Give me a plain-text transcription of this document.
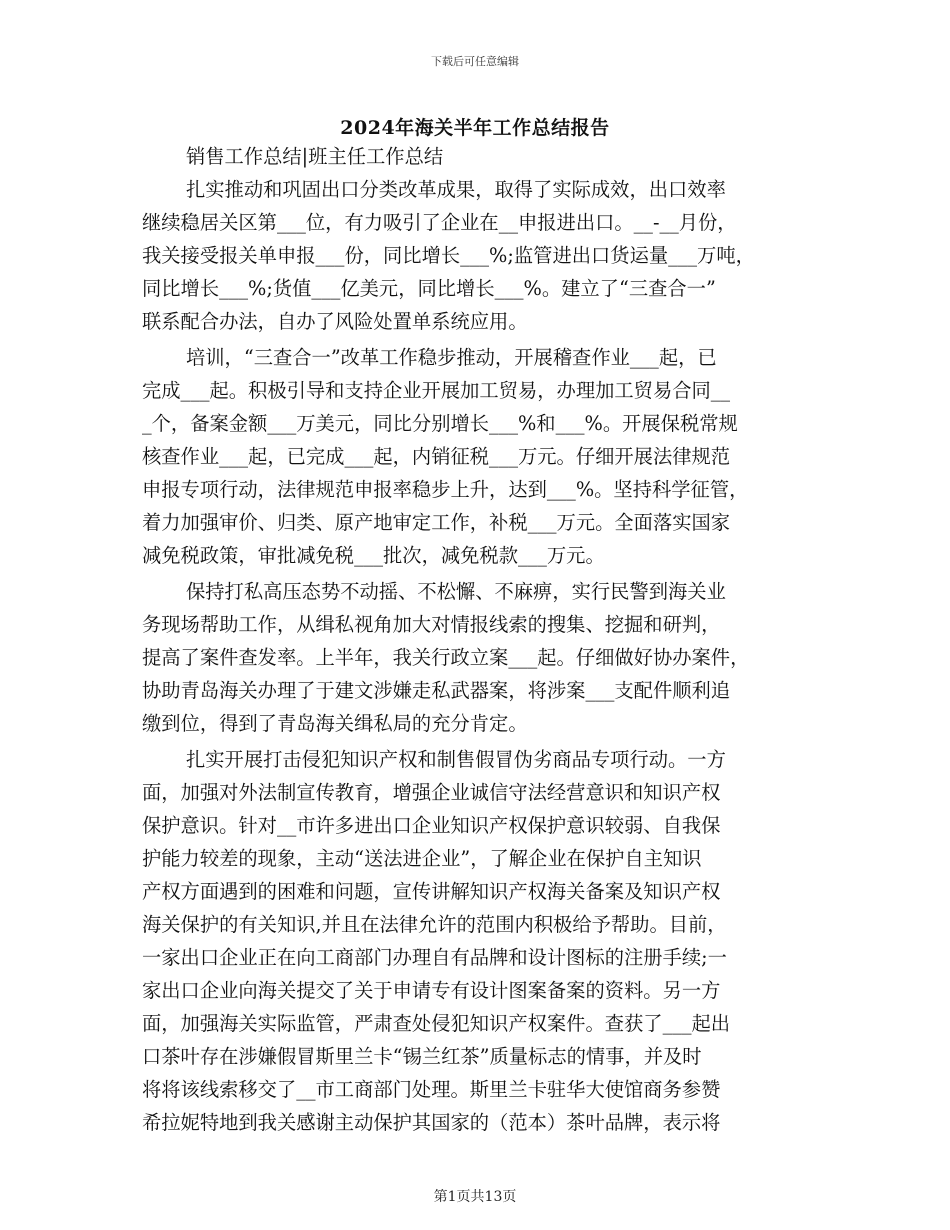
下载后可任意编辑
2024年海关半年工作总结报告
销售工作总结|班主任工作总结
扎实推动和巩固出口分类改革成果，取得了实际成效，出口效率
继续稳居关区第___位，有力吸引了企业在__申报进出口。__-__月份，
我关接受报关单申报___份，同比增长___%;监管进出口货运量___万吨，
同比增长___%;货值___亿美元，同比增长___%。建立了“三查合一”
联系配合办法，自办了风险处置单系统应用。
培训，“三查合一”改革工作稳步推动，开展稽查作业___起，已
完成___起。积极引导和支持企业开展加工贸易，办理加工贸易合同__
_个，备案金额___万美元，同比分别增长___%和___%。开展保税常规
核查作业___起，已完成___起，内销征税___万元。仔细开展法律规范
申报专项行动，法律规范申报率稳步上升，达到___%。坚持科学征管，
着力加强审价、归类、原产地审定工作，补税___万元。全面落实国家
减免税政策，审批减免税___批次，减免税款___万元。
保持打私高压态势不动摇、不松懈、不麻痹，实行民警到海关业
务现场帮助工作，从缉私视角加大对情报线索的搜集、挖掘和研判，
提高了案件查发率。上半年，我关行政立案___起。仔细做好协办案件，
协助青岛海关办理了于建文涉嫌走私武器案，将涉案___支配件顺利追
缴到位，得到了青岛海关缉私局的充分肯定。
扎实开展打击侵犯知识产权和制售假冒伪劣商品专项行动。一方
面，加强对外法制宣传教育，增强企业诚信守法经营意识和知识产权
保护意识。针对__市许多进出口企业知识产权保护意识较弱、自我保
护能力较差的现象，主动“送法进企业”，了解企业在保护自主知识
产权方面遇到的困难和问题，宣传讲解知识产权海关备案及知识产权
海关保护的有关知识,并且在法律允许的范围内积极给予帮助。目前，
一家出口企业正在向工商部门办理自有品牌和设计图标的注册手续;一
家出口企业向海关提交了关于申请专有设计图案备案的资料。另一方
面，加强海关实际监管，严肃查处侵犯知识产权案件。查获了___起出
口茶叶存在涉嫌假冒斯里兰卡“锡兰红茶”质量标志的情事，并及时
将将该线索移交了__市工商部门处理。斯里兰卡驻华大使馆商务参赞
希拉妮特地到我关感谢主动保护其国家的（范本）茶叶品牌，表示将
第1页共13页
